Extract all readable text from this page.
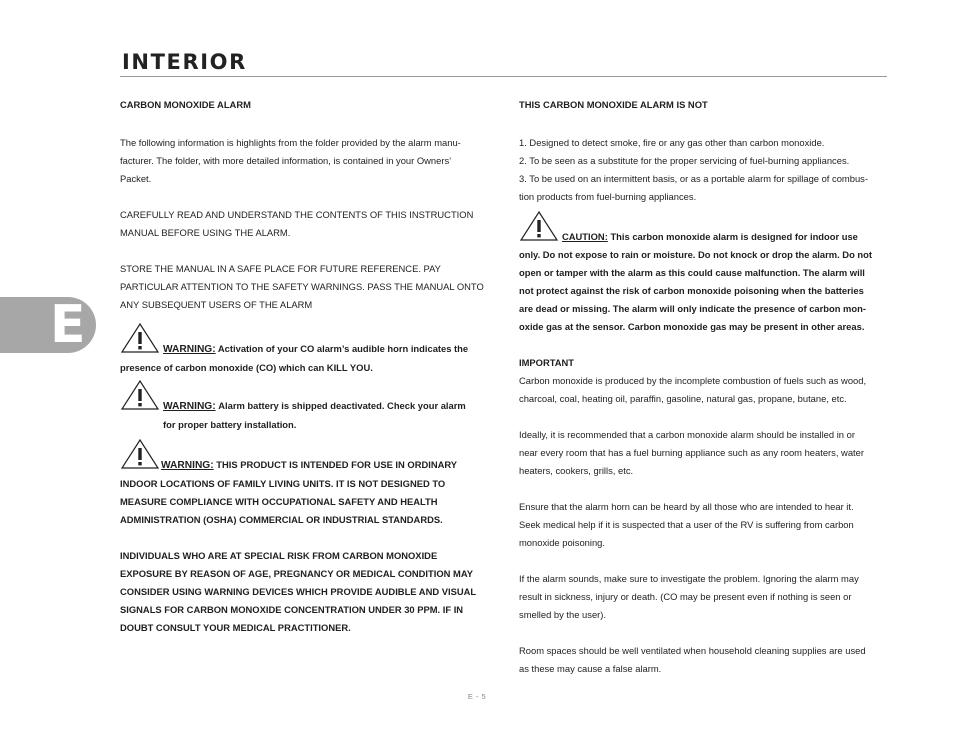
INTERIOR
E

CARBON MONOXIDE ALARM

The following information is highlights from the folder provided by the alarm manu-

facturer. The folder, with more detailed information, is contained in your Owners’

Packet.

CAREFULLY READ AND UNDERSTAND THE CONTENTS OF THIS INSTRUCTION

MANUAL BEFORE USING THE ALARM.

STORE THE MANUAL IN A SAFE PLACE FOR FUTURE REFERENCE. PAY

PARTICULAR ATTENTION TO THE SAFETY WARNINGS. PASS THE MANUAL ONTO

ANY SUBSEQUENT USERS OF THE ALARM

WARNING: Activation of your CO alarm’s audible horn indicates the

presence of carbon monoxide (CO) which can KILL YOU.

WARNING: Alarm battery is shipped deactivated. Check your alarm

for proper battery installation.

WARNING: THIS PRODUCT IS INTENDED FOR USE IN ORDINARY

INDOOR LOCATIONS OF FAMILY LIVING UNITS. IT IS NOT DESIGNED TO

MEASURE COMPLIANCE WITH OCCUPATIONAL SAFETY AND HEALTH

ADMINISTRATION (OSHA) COMMERCIAL OR INDUSTRIAL STANDARDS.

INDIVIDUALS WHO ARE AT SPECIAL RISK FROM CARBON MONOXIDE

EXPOSURE BY REASON OF AGE, PREGNANCY OR MEDICAL CONDITION MAY

CONSIDER USING WARNING DEVICES WHICH PROVIDE AUDIBLE AND VISUAL

SIGNALS FOR CARBON MONOXIDE CONCENTRATION UNDER 30 PPM. IF IN

DOUBT CONSULT YOUR MEDICAL PRACTITIONER.

THIS CARBON MONOXIDE ALARM IS NOT

1. Designed to detect smoke, fire or any gas other than carbon monoxide.

2. To be seen as a substitute for the proper servicing of fuel-burning appliances.

3. To be used on an intermittent basis, or as a portable alarm for spillage of combus-

tion products from fuel-burning appliances.

CAUTION: This carbon monoxide alarm is designed for indoor use

only. Do not expose to rain or moisture. Do not knock or drop the alarm. Do not

open or tamper with the alarm as this could cause malfunction. The alarm will

not protect against the risk of carbon monoxide poisoning when the batteries

are dead or missing. The alarm will only indicate the presence of carbon mon-

oxide gas at the sensor. Carbon monoxide gas may be present in other areas.

IMPORTANT

Carbon monoxide is produced by the incomplete combustion of fuels such as wood,

charcoal, coal, heating oil, paraffin, gasoline, natural gas, propane, butane, etc.

Ideally, it is recommended that a carbon monoxide alarm should be installed in or

near every room that has a fuel burning appliance such as any room heaters, water

heaters, cookers, grills, etc.

Ensure that the alarm horn can be heard by all those who are intended to hear it.

Seek medical help if it is suspected that a user of the RV is suffering from carbon

monoxide poisoning.

If the alarm sounds, make sure to investigate the problem. Ignoring the alarm may

result in sickness, injury or death. (CO may be present even if nothing is seen or

smelled by the user).

Room spaces should be well ventilated when household cleaning supplies are used

as these may cause a false alarm.

E - 5
